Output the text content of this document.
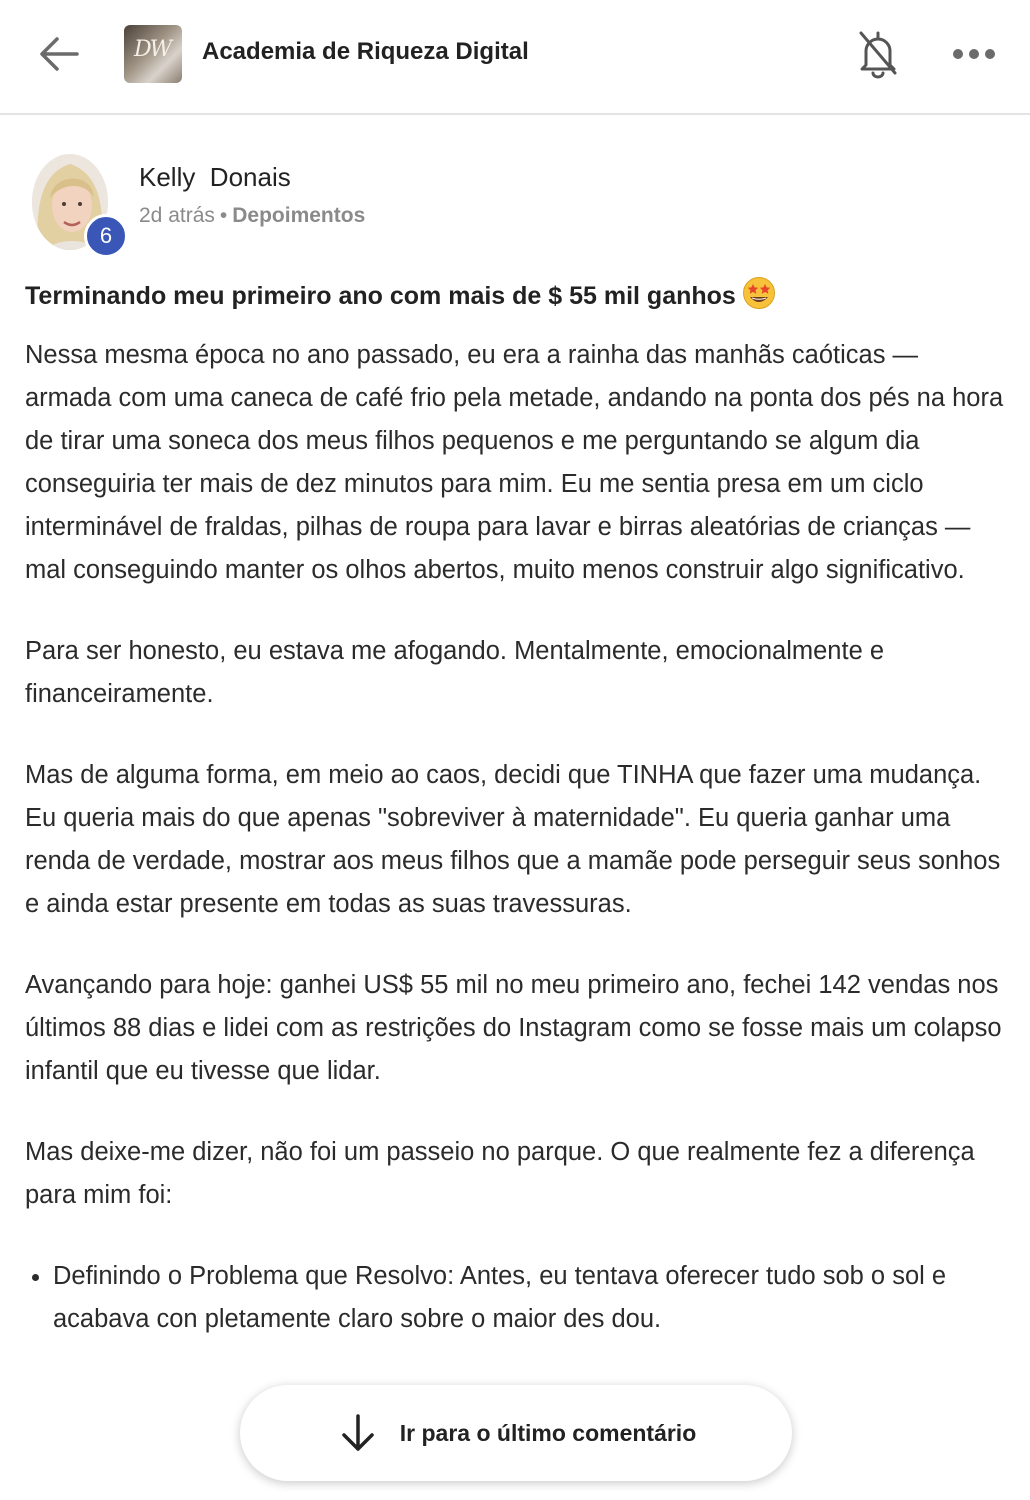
DW Academia de Riqueza Digital
6
Kelly  Donais
2d atrás • Depoimentos
Terminando meu primeiro ano com mais de $ 55 mil ganhos

Nessa mesma época no ano passado, eu era a rainha das manhãs caóticas — armada com uma caneca de café frio pela metade, andando na ponta dos pés na hora de tirar uma soneca dos meus filhos pequenos e me perguntando se algum dia conseguiria ter mais de dez minutos para mim. Eu me sentia presa em um ciclo interminável de fraldas, pilhas de roupa para lavar e birras aleatórias de crianças — mal conseguindo manter os olhos abertos, muito menos construir algo significativo.

Para ser honesto, eu estava me afogando. Mentalmente, emocionalmente e financeiramente.

Mas de alguma forma, em meio ao caos, decidi que TINHA que fazer uma mudança. Eu queria mais do que apenas "sobreviver à maternidade". Eu queria ganhar uma renda de verdade, mostrar aos meus filhos que a mamãe pode perseguir seus sonhos e ainda estar presente em todas as suas travessuras.

Avançando para hoje: ganhei US$ 55 mil no meu primeiro ano, fechei 142 vendas nos últimos 88 dias e lidei com as restrições do Instagram como se fosse mais um colapso infantil que eu tivesse que lidar.

Mas deixe-me dizer, não foi um passeio no parque. O que realmente fez a diferença para mim foi:

• Definindo o Problema que Resolvo: Antes, eu tentava oferecer tudo sob o sol e acabava con pletamente claro sobre o maior des dou.
Ir para o último comentário
